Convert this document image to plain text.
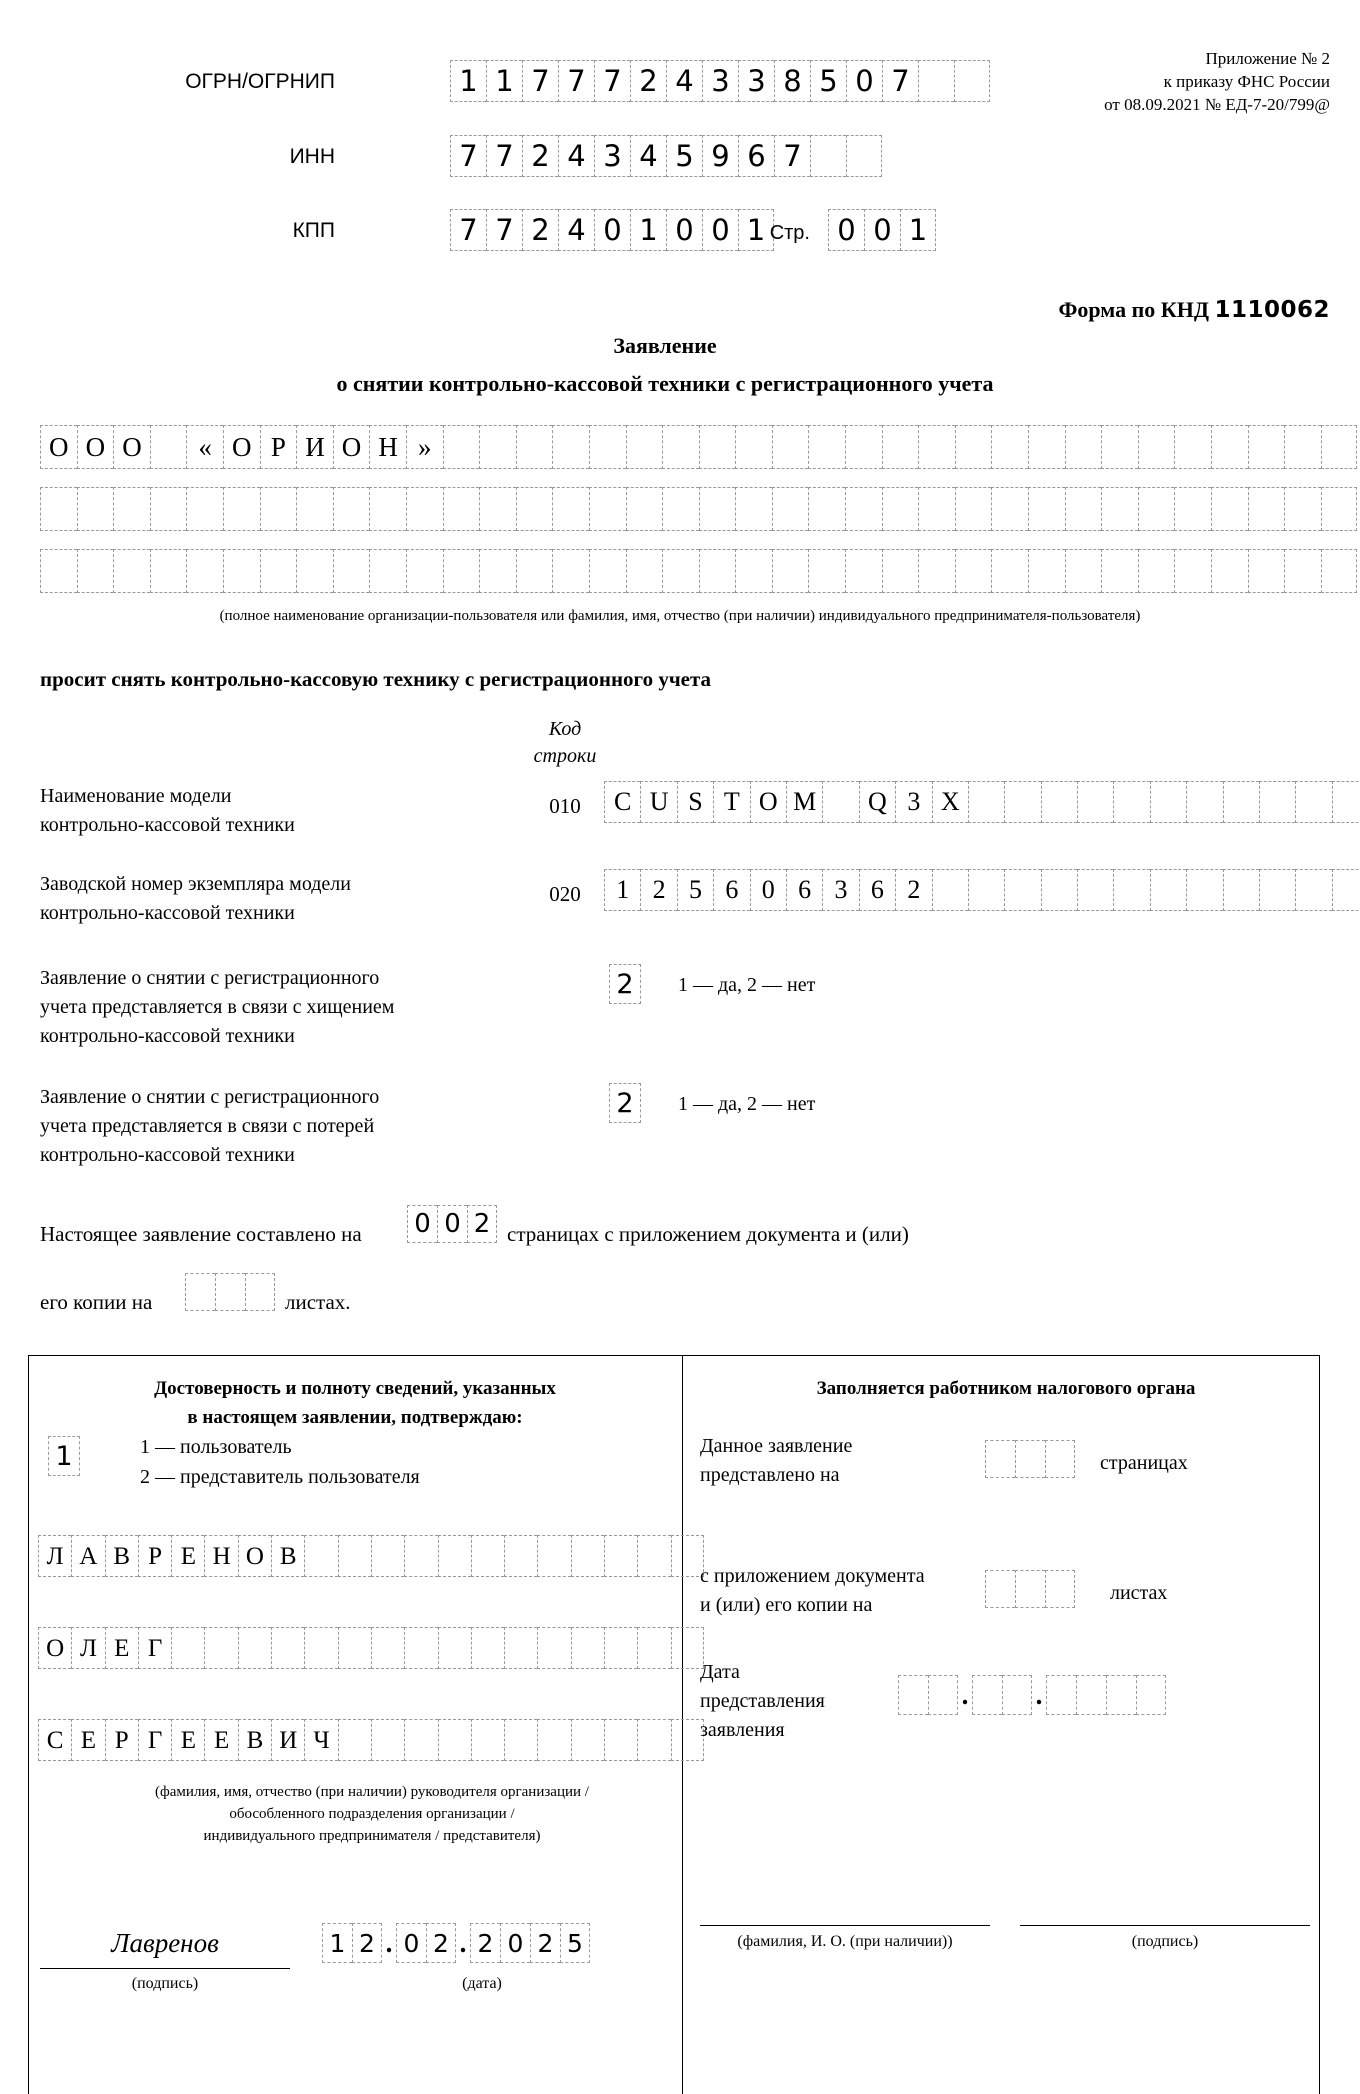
Приложение № 2
к приказу ФНС России
от 08.09.2021 № ЕД-7-20/799@
ОГРН/ОГРНИП	1 1 7 7 7 2 4 3 3 8 5 0 7
ИНН	7 7 2 4 3 4 5 9 6 7
КПП	7 7 2 4 0 1 0 0 1 Стр. 0 0 1
Форма по КНД 1110062
Заявление
о снятии контрольно-кассовой техники с регистрационного учета
О О О	« О Р И О Н »
(полное наименование организации-пользователя или фамилия, имя, отчество (при наличии) индивидуального предпринимателя-пользователя)
просит снять контрольно-кассовую технику с регистрационного учета
Код
строки
Наименование модели
контрольно-кассовой техники
010	C U S T O M	Q 3 X
Заводской номер экземпляра модели
контрольно-кассовой техники
020	1 2 5 6 0 6 3 6 2
Заявление о снятии с регистрационного
учета представляется в связи с хищением
контрольно-кассовой техники
2	1 — да, 2 — нет
Заявление о снятии с регистрационного
учета представляется в связи с потерей
контрольно-кассовой техники
2	1 — да, 2 — нет
Настоящее заявление составлено на 0 0 2 страницах с приложением документа и (или)
его копии на	листах.
Достоверность и полноту сведений, указанных
в настоящем заявлении, подтверждаю:
1	1 — пользователь
2 — представитель пользователя
Л А В Р Е Н О В
О Л Е Г
С Е Р Г Е Е В И Ч
(фамилия, имя, отчество (при наличии) руководителя организации /
обособленного подразделения организации /
индивидуального предпринимателя / представителя)
Лавренов
(подпись)
1 2 . 0 2 . 2 0 2 5
(дата)
Заполняется работником налогового органа
Данное заявление
представлено на
страницах
с приложением документа
и (или) его копии на
листах
Дата
представления
заявления
. .
(фамилия, И. О. (при наличии))	(подпись)
